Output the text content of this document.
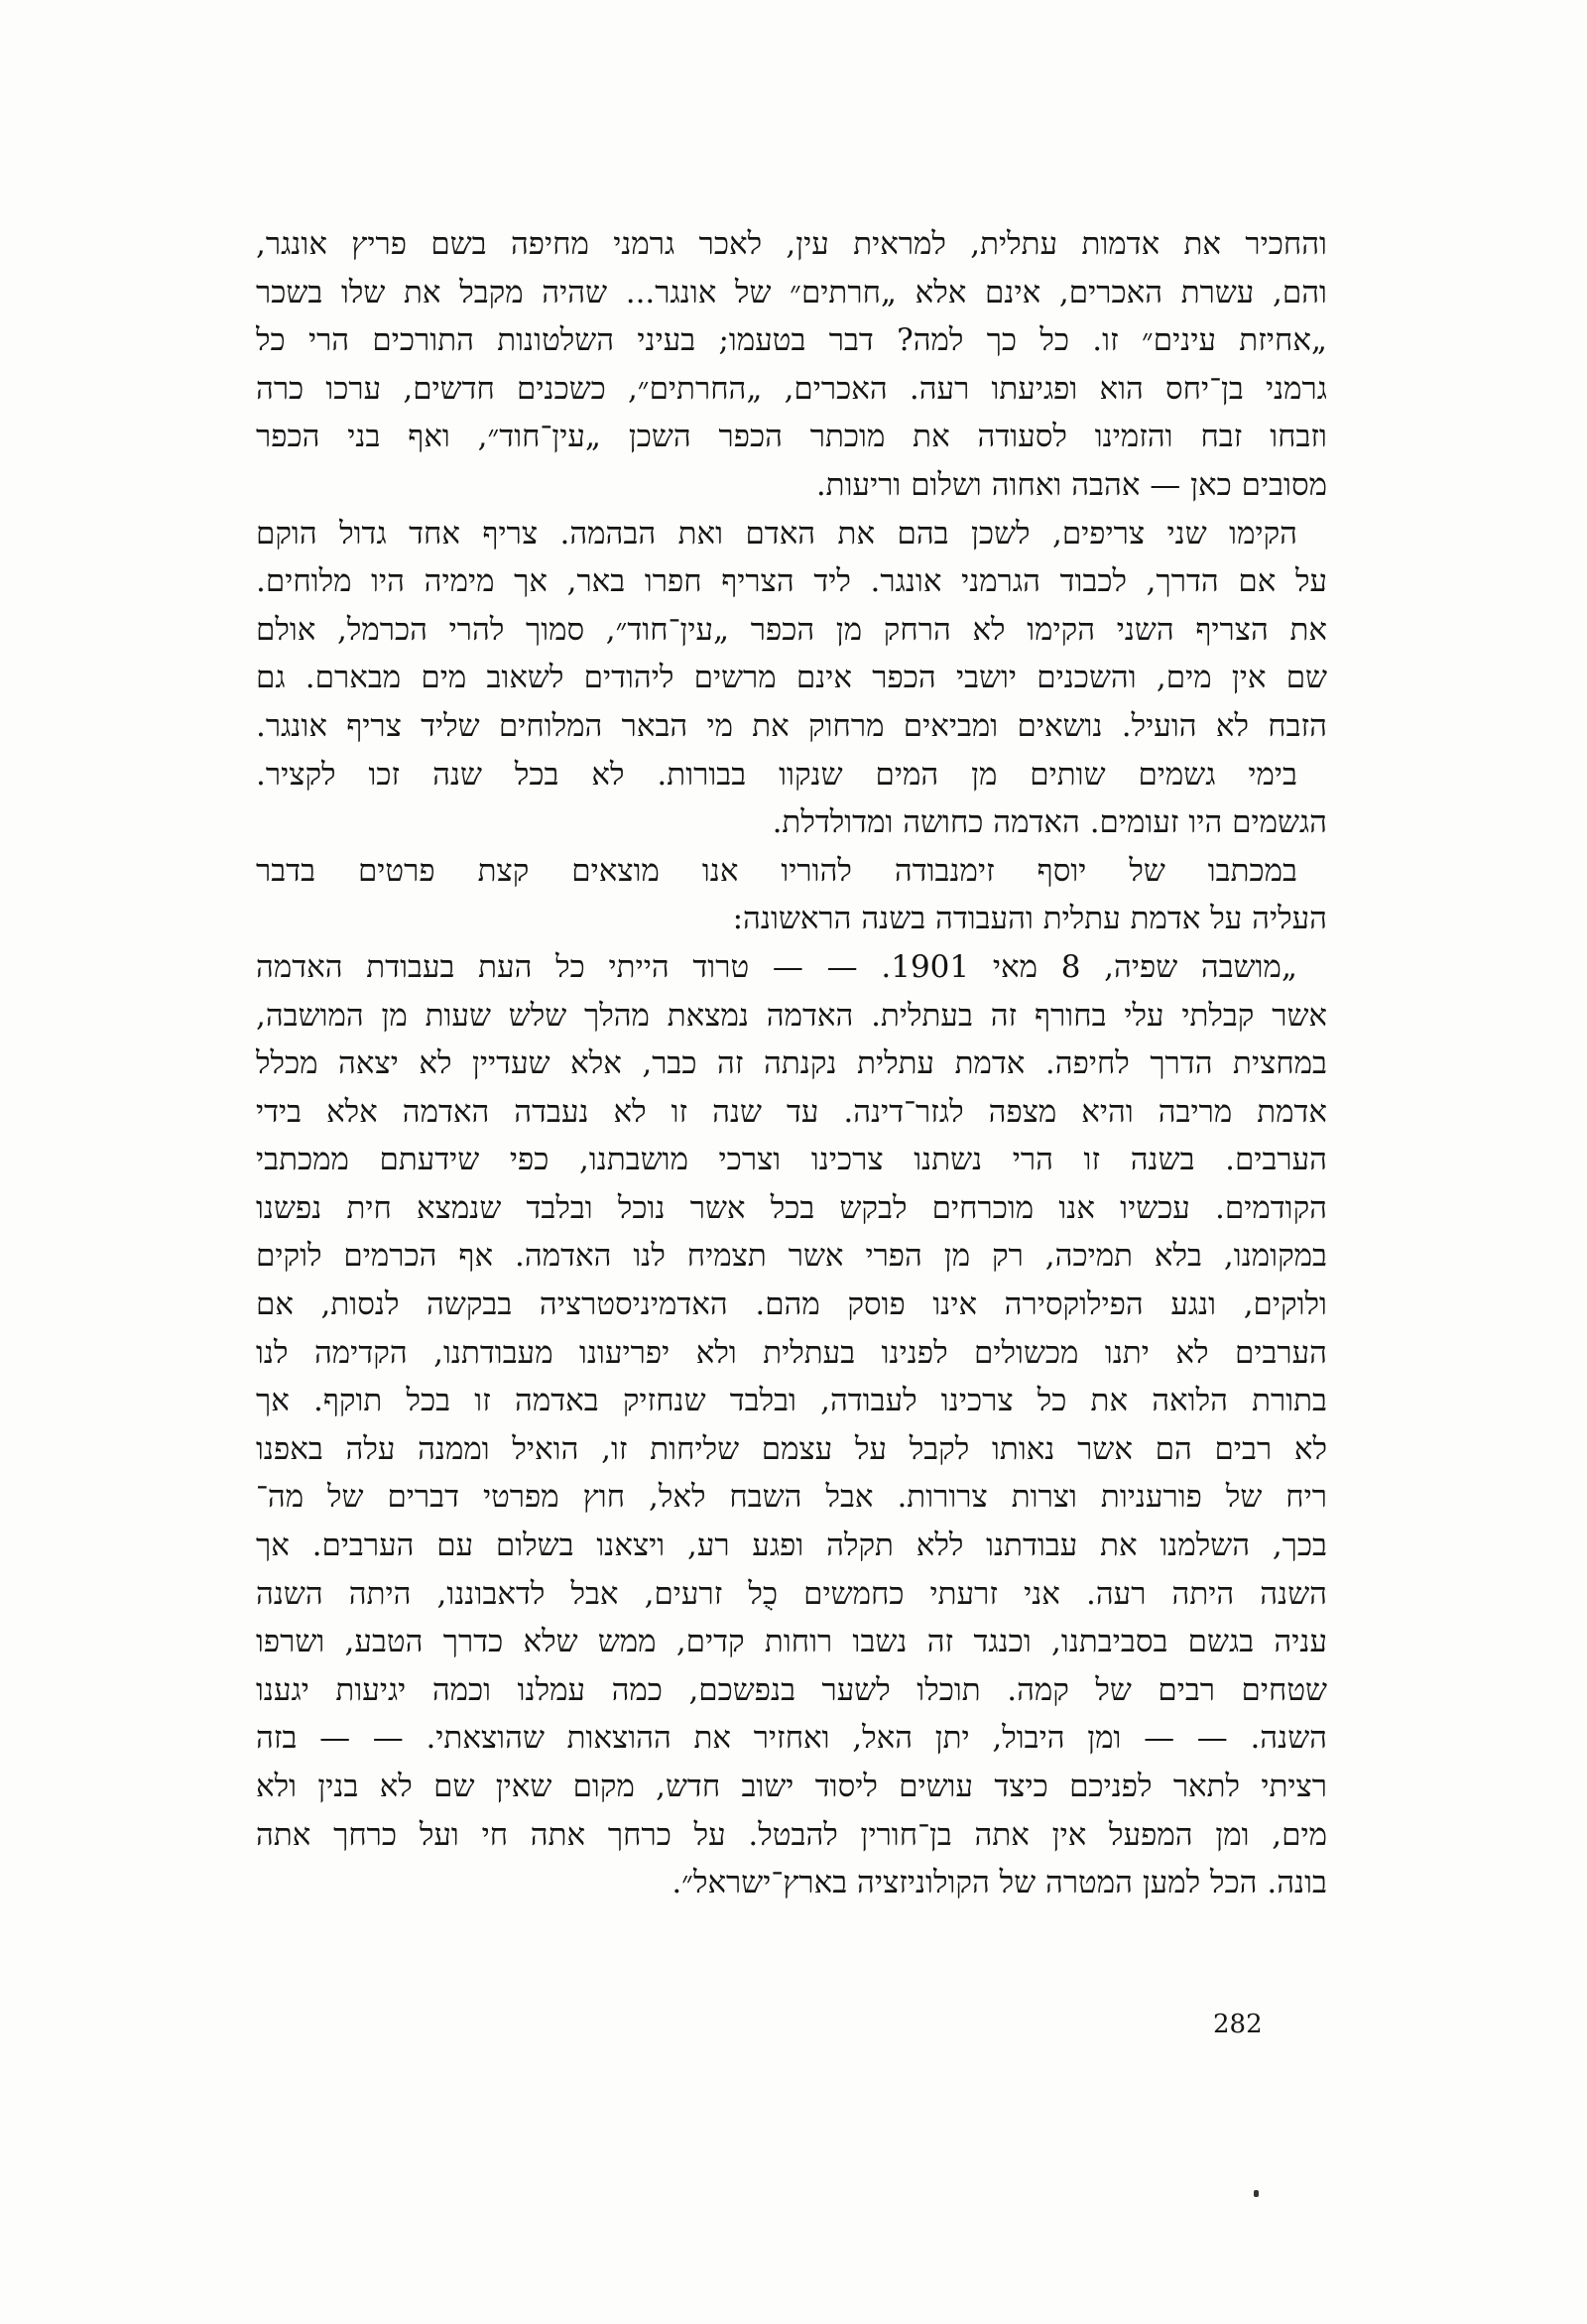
והחכיר את אדמות עתלית, למראית עין, לאכר גרמני מחיפה בשם פריץ אונגר,
והם, עשרת האכרים, אינם אלא „חרתים״ של אונגר... שהיה מקבל את שלו בשכר
„אחיזת עינים״ זו. כל כך למה? דבר בטעמו; בעיני השלטונות התורכים הרי כל
גרמני בן־יחס הוא ופגיעתו רעה. האכרים, „החרתים״, כשכנים חדשים, ערכו כרה
וזבחו זבח והזמינו לסעודה את מוכתר הכפר השכן „עין־חוד״, ואף בני הכפר
מסובים כאן — אהבה ואחוה ושלום וריעות.
הקימו שני צריפים, לשכן בהם את האדם ואת הבהמה. צריף אחד גדול הוקם
על אם הדרך, לכבוד הגרמני אונגר. ליד הצריף חפרו באר, אך מימיה היו מלוחים.
את הצריף השני הקימו לא הרחק מן הכפר „עין־חוד״, סמוך להרי הכרמל, אולם
שם אין מים, והשכנים יושבי הכפר אינם מרשים ליהודים לשאוב מים מבארם. גם
הזבח לא הועיל. נושאים ומביאים מרחוק את מי הבאר המלוחים שליד צריף אונגר.
בימי גשמים שותים מן המים שנקוו בבורות. לא בכל שנה זכו לקציר.
הגשמים היו זעומים. האדמה כחושה ומדולדלת.
במכתבו של יוסף זימנבודה להוריו אנו מוצאים קצת פרטים בדבר
העליה על אדמת עתלית והעבודה בשנה הראשונה:
„מושבה שפיה, 8 מאי 1901. — — טרוד הייתי כל העת בעבודת האדמה
אשר קבלתי עלי בחורף זה בעתלית. האדמה נמצאת מהלך שלש שעות מן המושבה,
במחצית הדרך לחיפה. אדמת עתלית נקנתה זה כבר, אלא שעדיין לא יצאה מכלל
אדמת מריבה והיא מצפה לגזר־דינה. עד שנה זו לא נעבדה האדמה אלא בידי
הערבים. בשנה זו הרי נשתנו צרכינו וצרכי מושבתנו, כפי שידעתם ממכתבי
הקודמים. עכשיו אנו מוכרחים לבקש בכל אשר נוכל ובלבד שנמצא חית נפשנו
במקומנו, בלא תמיכה, רק מן הפרי אשר תצמיח לנו האדמה. אף הכרמים לוקים
ולוקים, ונגע הפילוקסירה אינו פוסק מהם. האדמיניסטרציה בבקשה לנסות, אם
הערבים לא יתנו מכשולים לפנינו בעתלית ולא יפריעונו מעבודתנו, הקדימה לנו
בתורת הלואה את כל צרכינו לעבודה, ובלבד שנחזיק באדמה זו בכל תוקף. אך
לא רבים הם אשר נאותו לקבל על עצמם שליחות זו, הואיל וממנה עלה באפנו
ריח של פורעניות וצרות צרורות. אבל השבח לאל, חוץ מפרטי דברים של מה־
בכך, השלמנו את עבודתנו ללא תקלה ופגע רע, ויצאנו בשלום עם הערבים. אך
השנה היתה רעה. אני זרעתי כחמשים כֻל זרעים, אבל לדאבוננו, היתה השנה
עניה בגשם בסביבתנו, וכנגד זה נשבו רוחות קדים, ממש שלא כדרך הטבע, ושרפו
שטחים רבים של קמה. תוכלו לשער בנפשכם, כמה עמלנו וכמה יגיעות יגענו
השנה. — — ומן היבול, יתן האל, ואחזיר את ההוצאות שהוצאתי. — — בזה
רציתי לתאר לפניכם כיצד עושים ליסוד ישוב חדש, מקום שאין שם לא בנין ולא
מים, ומן המפעל אין אתה בן־חורין להבטל. על כרחך אתה חי ועל כרחך אתה
בונה. הכל למען המטרה של הקולוניזציה בארץ־ישראל״.
282
